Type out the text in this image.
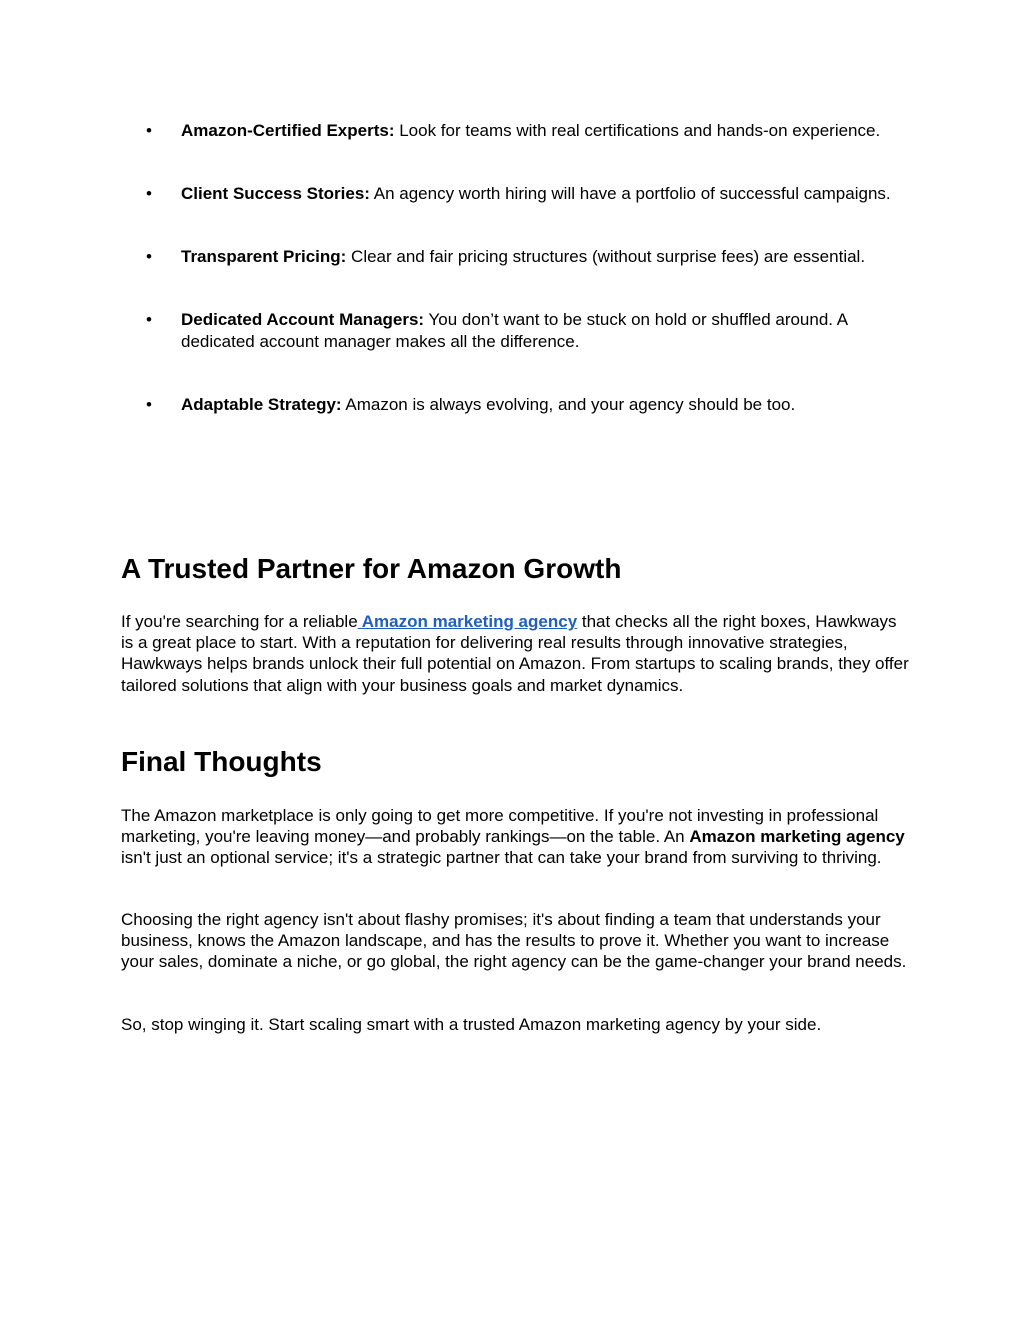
• Amazon-Certified Experts: Look for teams with real certifications and hands-on experience.
• Client Success Stories: An agency worth hiring will have a portfolio of successful campaigns.
• Transparent Pricing: Clear and fair pricing structures (without surprise fees) are essential.
• Dedicated Account Managers: You don’t want to be stuck on hold or shuffled around. A dedicated account manager makes all the difference.
• Adaptable Strategy: Amazon is always evolving, and your agency should be too.
A Trusted Partner for Amazon Growth

If you're searching for a reliable Amazon marketing agency that checks all the right boxes, Hawkways is a great place to start. With a reputation for delivering real results through innovative strategies, Hawkways helps brands unlock their full potential on Amazon. From startups to scaling brands, they offer tailored solutions that align with your business goals and market dynamics.

Final Thoughts

The Amazon marketplace is only going to get more competitive. If you're not investing in professional marketing, you're leaving money—and probably rankings—on the table. An Amazon marketing agency isn't just an optional service; it's a strategic partner that can take your brand from surviving to thriving.

Choosing the right agency isn't about flashy promises; it's about finding a team that understands your business, knows the Amazon landscape, and has the results to prove it. Whether you want to increase your sales, dominate a niche, or go global, the right agency can be the game-changer your brand needs.

So, stop winging it. Start scaling smart with a trusted Amazon marketing agency by your side.
